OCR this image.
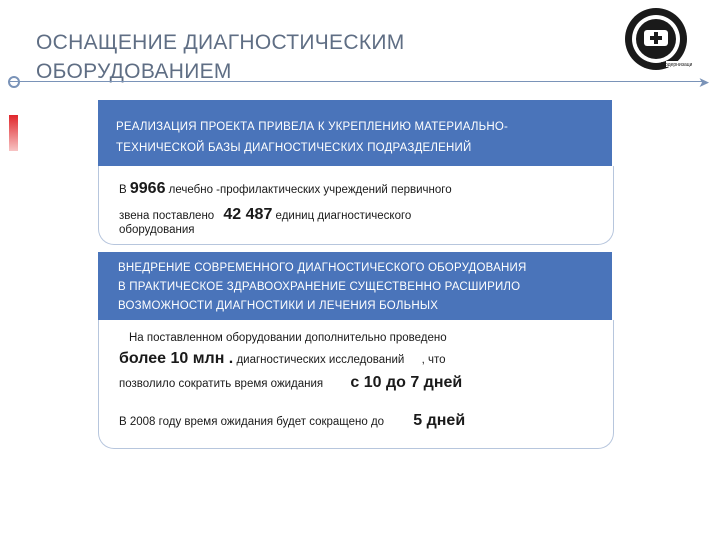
ОСНАЩЕНИЕ ДИАГНОСТИЧЕСКИМ
ОБОРУДОВАНИЕМ	➤
Модернизация
РЕАЛИЗАЦИЯ ПРОЕКТА ПРИВЕЛА К УКРЕПЛЕНИЮ МАТЕРИАЛЬНО-
ТЕХНИЧЕСКОЙ БАЗЫ ДИАГНОСТИЧЕСКИХ ПОДРАЗДЕЛЕНИЙ
В 9966 лечебно -профилактических учреждений первичного
звена поставлено 42 487 единиц диагностического
оборудования
ВНЕДРЕНИЕ СОВРЕМЕННОГО ДИАГНОСТИЧЕСКОГО ОБОРУДОВАНИЯ
В ПРАКТИЧЕСКОЕ ЗДРАВООХРАНЕНИЕ СУЩЕСТВЕННО РАСШИРИЛО
ВОЗМОЖНОСТИ ДИАГНОСТИКИ И ЛЕЧЕНИЯ БОЛЬНЫХ
На поставленном оборудовании дополнительно проведено
более 10 млн . диагностических исследований , что
позволило сократить время ожидания с 10 до 7 дней
В 2008 году время ожидания будет сокращено до 5 дней
